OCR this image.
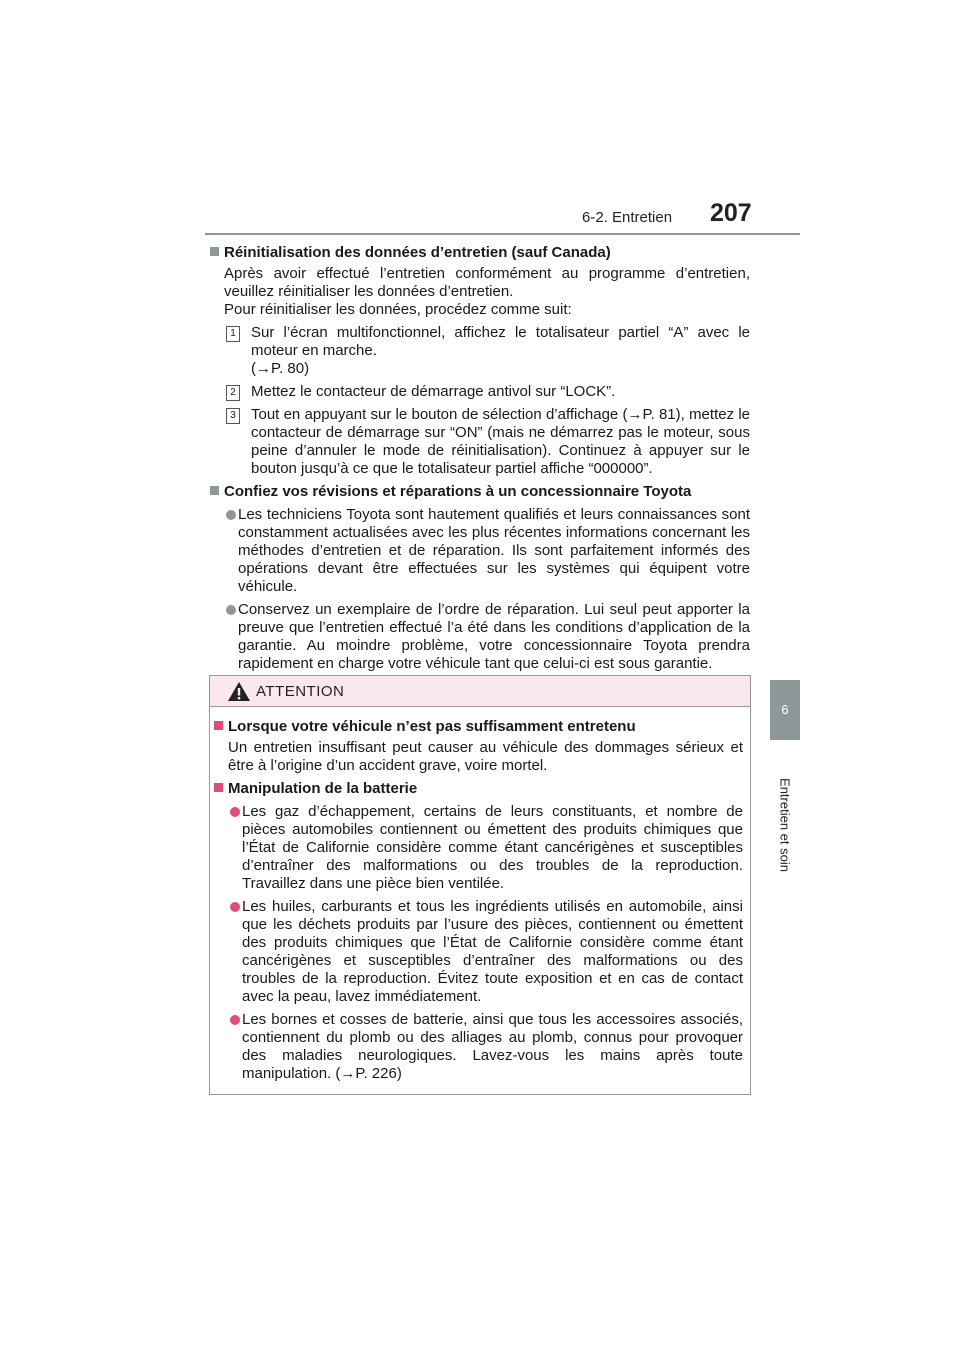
6-2. Entretien 207
6
Entretien et soin
Réinitialisation des données d’entretien (sauf Canada)

Après avoir effectué l’entretien conformément au programme d’entretien, veuillez réinitialiser les données d’entretien.

Pour réinitialiser les données, procédez comme suit:

1 Sur l’écran multifonctionnel, affichez le totalisateur partiel “A” avec le moteur en marche.
(→P. 80)
2 Mettez le contacteur de démarrage antivol sur “LOCK”.
3 Tout en appuyant sur le bouton de sélection d’affichage (→P. 81), mettez le contacteur de démarrage sur “ON” (mais ne démarrez pas le moteur, sous peine d’annuler le mode de réinitialisation). Continuez à appuyer sur le bouton jusqu’à ce que le totalisateur partiel affiche “000000”.
Confiez vos révisions et réparations à un concessionnaire Toyota
Les techniciens Toyota sont hautement qualifiés et leurs connaissances sont constamment actualisées avec les plus récentes informations concernant les méthodes d’entretien et de réparation. Ils sont parfaitement informés des opérations devant être effectuées sur les systèmes qui équipent votre véhicule.
Conservez un exemplaire de l’ordre de réparation. Lui seul peut apporter la preuve que l’entretien effectué l’a été dans les conditions d’application de la garantie. Au moindre problème, votre concessionnaire Toyota prendra rapidement en charge votre véhicule tant que celui-ci est sous garantie.
ATTENTION
Lorsque votre véhicule n’est pas suffisamment entretenu

Un entretien insuffisant peut causer au véhicule des dommages sérieux et être à l’origine d’un accident grave, voire mortel.

Manipulation de la batterie
Les gaz d’échappement, certains de leurs constituants, et nombre de pièces automobiles contiennent ou émettent des produits chimiques que l’État de Californie considère comme étant cancérigènes et susceptibles d’entraîner des malformations ou des troubles de la reproduction. Travaillez dans une pièce bien ventilée.
Les huiles, carburants et tous les ingrédients utilisés en automobile, ainsi que les déchets produits par l’usure des pièces, contiennent ou émettent des produits chimiques que l’État de Californie considère comme étant cancérigènes et susceptibles d’entraîner des malformations ou des troubles de la reproduction. Évitez toute exposition et en cas de contact avec la peau, lavez immédiatement.
Les bornes et cosses de batterie, ainsi que tous les accessoires associés, contiennent du plomb ou des alliages au plomb, connus pour provoquer des maladies neurologiques. Lavez-vous les mains après toute manipulation. (→P. 226)
